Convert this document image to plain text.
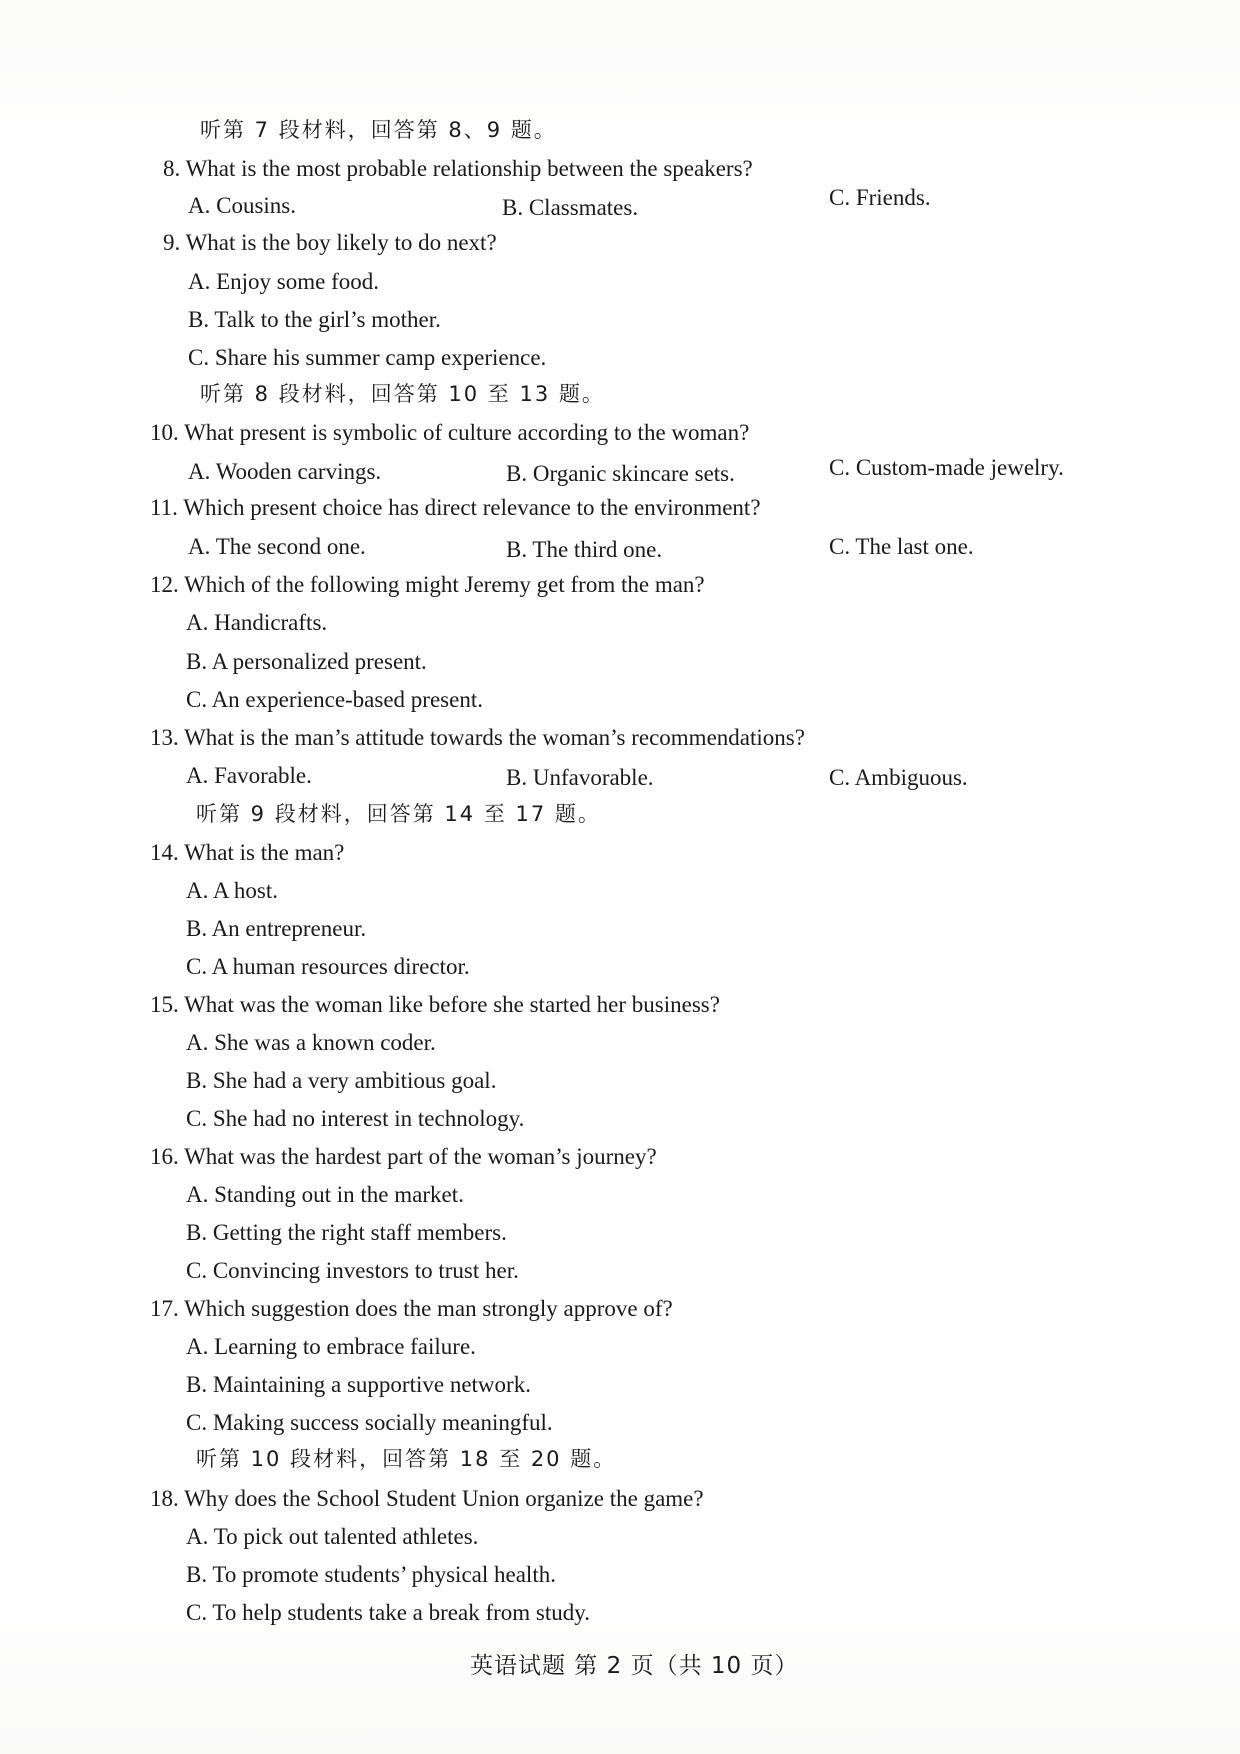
听第 7 段材料，回答第 8、9 题。
8. What is the most probable relationship between the speakers?
A. Cousins.	B. Classmates.	C. Friends.
9. What is the boy likely to do next?
A. Enjoy some food.
B. Talk to the girl’s mother.
C. Share his summer camp experience.
听第 8 段材料，回答第 10 至 13 题。
10. What present is symbolic of culture according to the woman?
A. Wooden carvings.	B. Organic skincare sets.	C. Custom-made jewelry.
11. Which present choice has direct relevance to the environment?
A. The second one.	B. The third one.	C. The last one.
12. Which of the following might Jeremy get from the man?
A. Handicrafts.
B. A personalized present.
C. An experience-based present.
13. What is the man’s attitude towards the woman’s recommendations?
A. Favorable.	B. Unfavorable.	C. Ambiguous.
听第 9 段材料，回答第 14 至 17 题。
14. What is the man?
A. A host.
B. An entrepreneur.
C. A human resources director.
15. What was the woman like before she started her business?
A. She was a known coder.
B. She had a very ambitious goal.
C. She had no interest in technology.
16. What was the hardest part of the woman’s journey?
A. Standing out in the market.
B. Getting the right staff members.
C. Convincing investors to trust her.
17. Which suggestion does the man strongly approve of?
A. Learning to embrace failure.
B. Maintaining a supportive network.
C. Making success socially meaningful.
听第 10 段材料，回答第 18 至 20 题。
18. Why does the School Student Union organize the game?
A. To pick out talented athletes.
B. To promote students’ physical health.
C. To help students take a break from study.
英语试题 第 2 页（共 10 页）
